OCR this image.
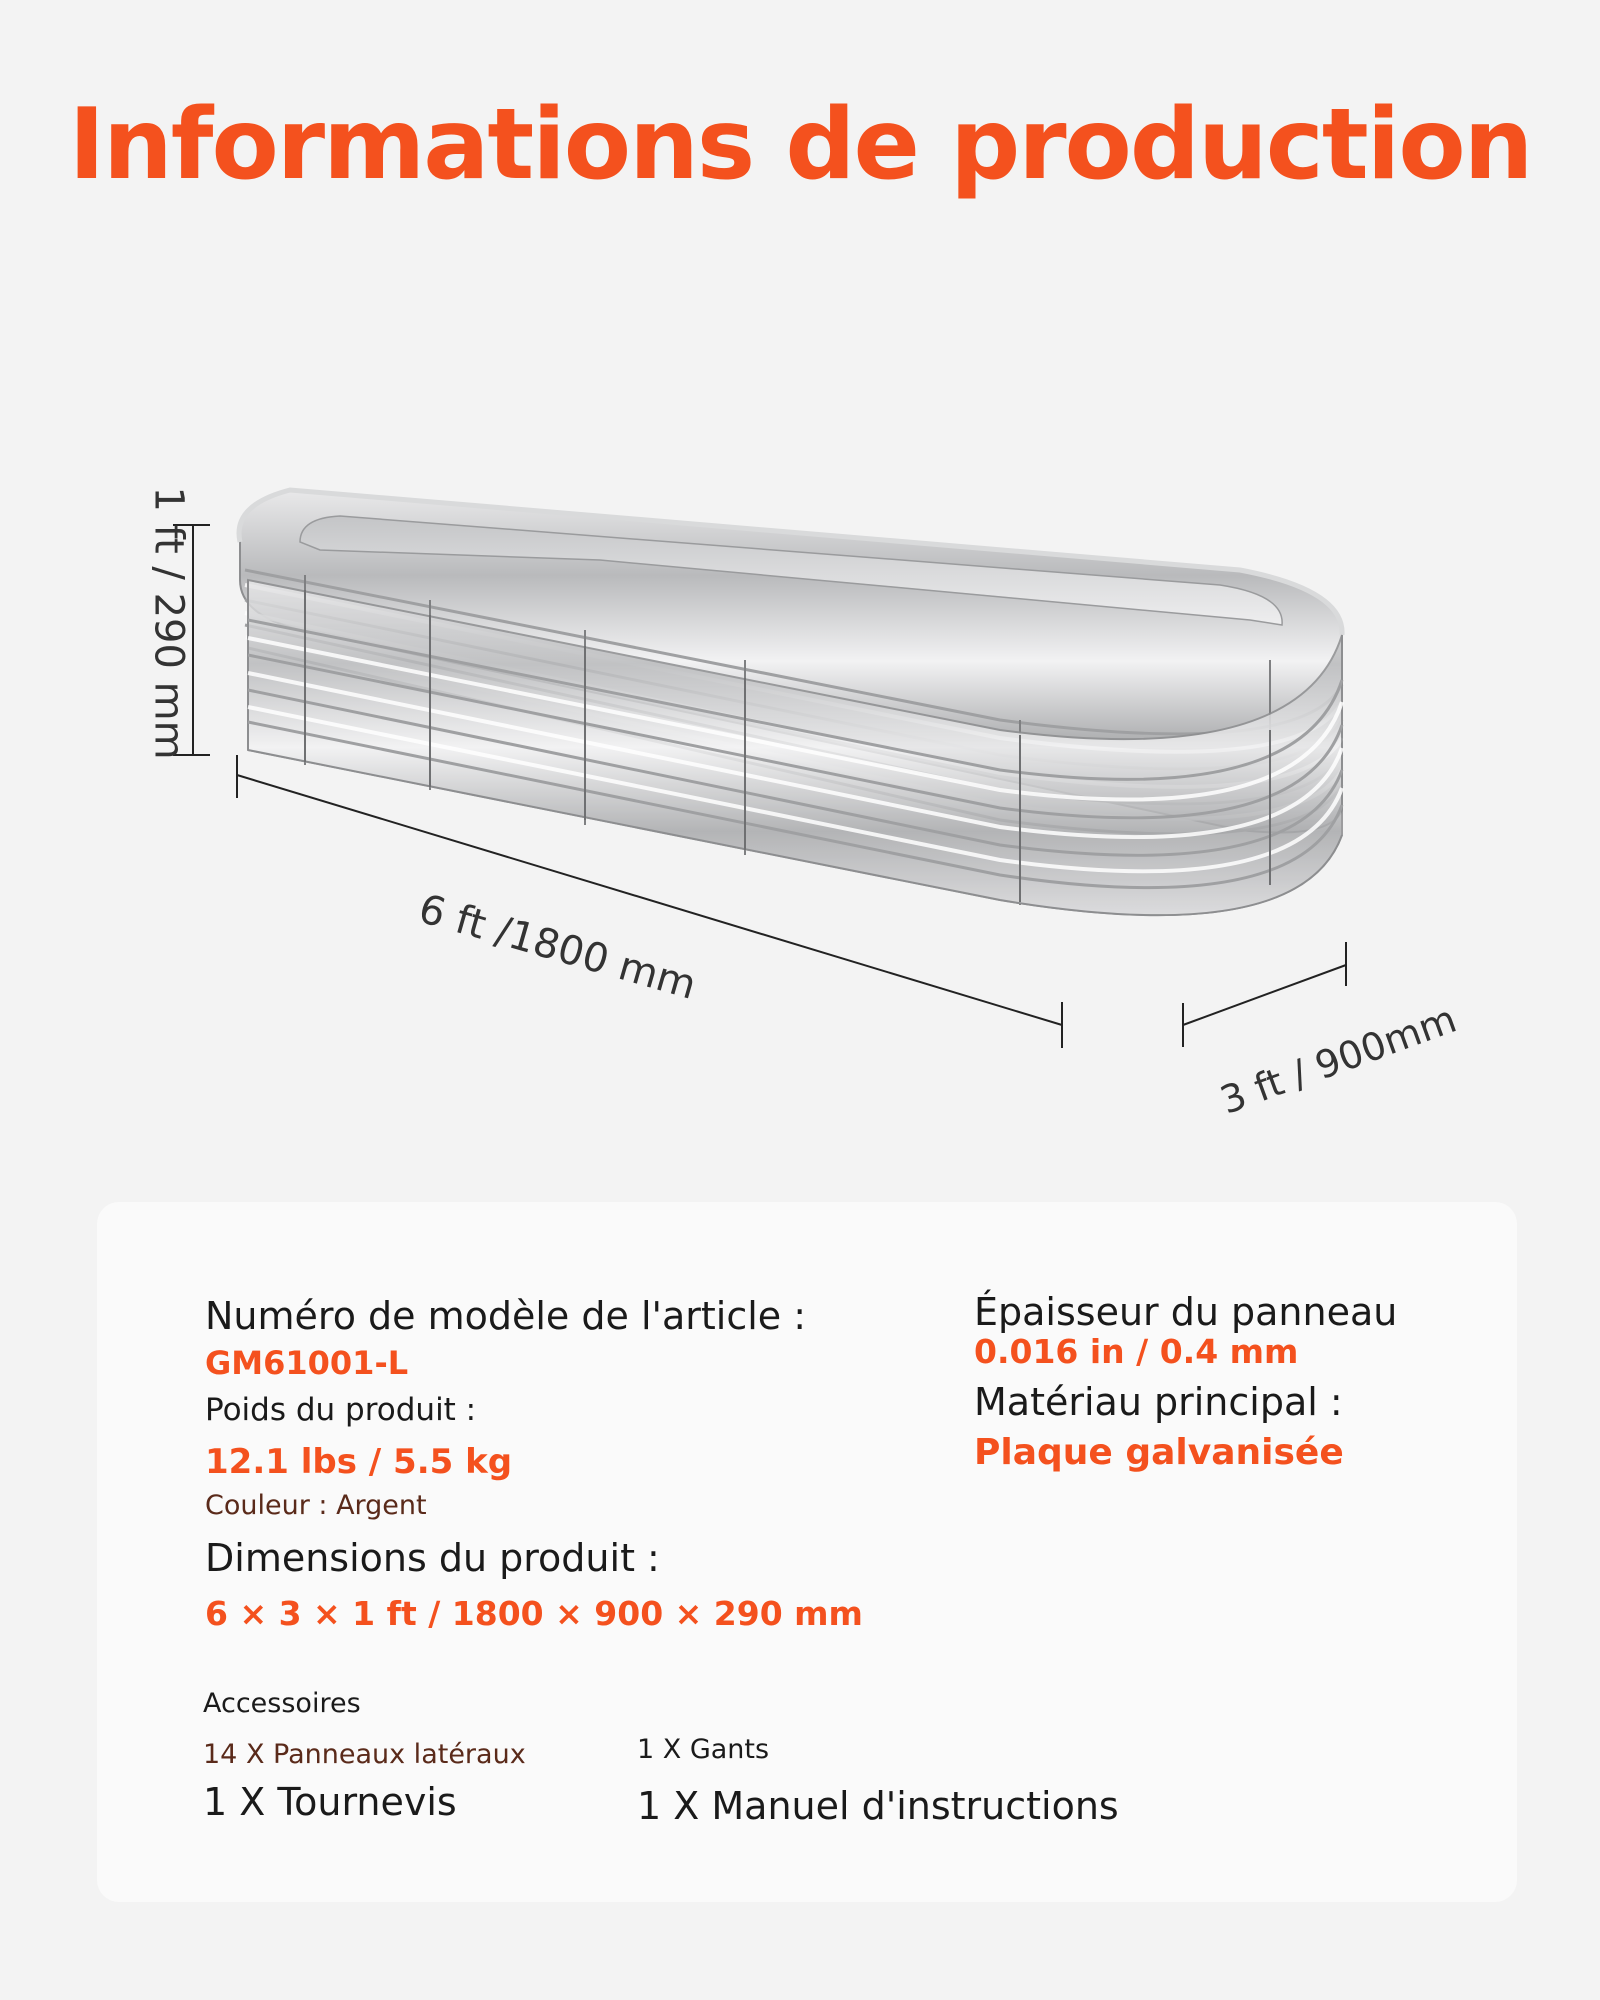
Informations de production
1 ft / 290 mm
6 ft /1800 mm
3 ft / 900mm
Numéro de modèle de l'article :
GM61001-L
Poids du produit :
12.1 lbs / 5.5 kg
Couleur : Argent
Dimensions du produit :
6 × 3 × 1 ft / 1800 × 900 × 290 mm
Épaisseur du panneau
0.016 in / 0.4 mm
Matériau principal :
Plaque galvanisée
Accessoires
14 X Panneaux latéraux	1 X Gants
1 X Tournevis	1 X Manuel d'instructions
